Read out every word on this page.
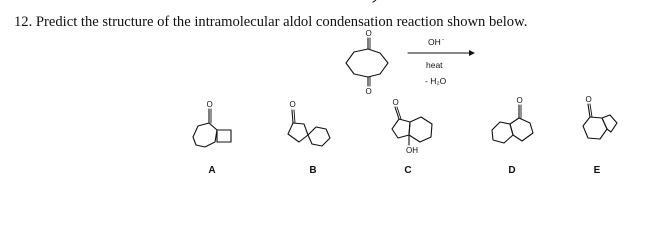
12. Predict the structure of the intramolecular aldol condensation reaction shown below.
O
O
OH -
heat
- H₂O
O
A
O
B
O
OH
C
O
D
O
E
